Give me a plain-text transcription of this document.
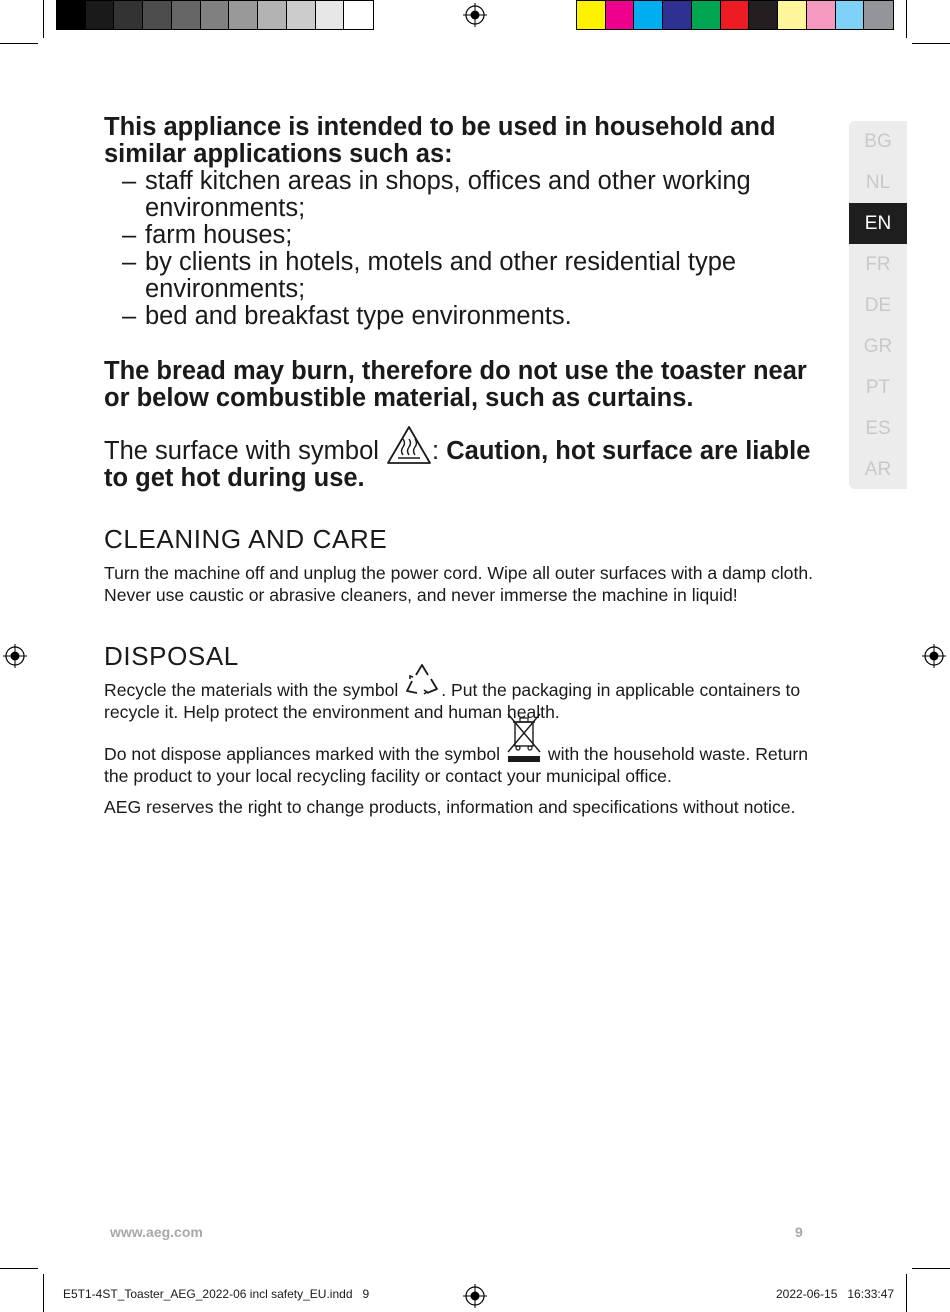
BG
NL
EN
FR
DE
GR
PT
ES
AR
This appliance is intended to be used in household and similar applications such as:
– staff kitchen areas in shops, offices and other working environments;
– farm houses;
– by clients in hotels, motels and other residential type environments;
– bed and breakfast type environments.
The bread may burn, therefore do not use the toaster near or below combustible material, such as curtains.
The surface with symbol : Caution, hot surface are liable to get hot during use.
CLEANING AND CARE
Turn the machine off and unplug the power cord. Wipe all outer surfaces with a damp cloth. Never use caustic or abrasive cleaners, and never immerse the machine in liquid!
DISPOSAL
Recycle the materials with the symbol . Put the packaging in applicable containers to recycle it. Help protect the environment and human health.
Do not dispose appliances marked with the symbol	with the household waste. Return the product to your local recycling facility or contact your municipal office.
AEG reserves the right to change products, information and specifications without notice.
www.aeg.com	9
E5T1-4ST_Toaster_AEG_2022-06 incl safety_EU.indd   9	2022-06-15   16:33:47
